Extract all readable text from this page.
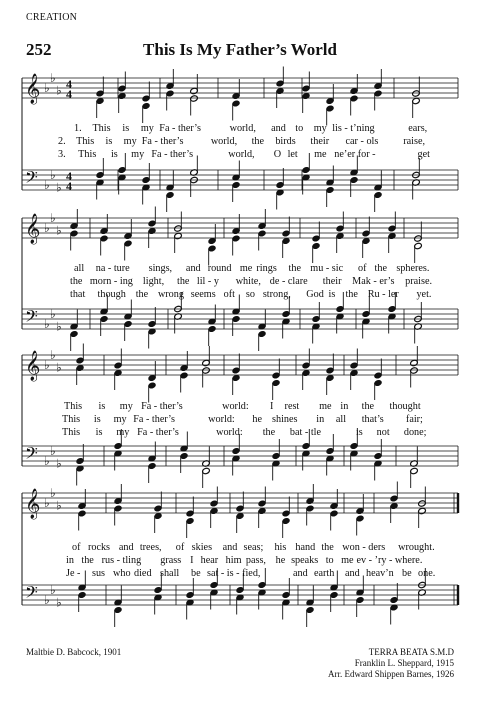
CREATION
252	This Is My Father’s World
1. This is my Fa - ther’s	world, and to my lis - t’ning	ears,
2. This is my Fa - ther’s	world, the birds their car - ols raise,
3. This is my Fa - ther’s	world, O let me ne’er for -	get
𝄞 ♭
♭
♭ 4
4
𝄢 ♭
♭
♭
4
4
all na - ture sings, and round me rings the mu - sic of the spheres.
the morn - ing light, the lil - y white, de - clare their Mak - er’s praise.
that though the wrong seems oft so strong, God is the Ru - ler yet.
𝄞 ♭
♭
♭
𝄢 ♭
♭
♭
This is my Fa - ther’s	world: I rest me in the thought
This is my Fa - ther’s	world: he shines in all that’s fair;
This is my Fa - ther’s	world: the bat - tle	is not done;
𝄞 ♭
♭
♭
𝄢 ♭
♭
♭
of rocks and trees, of skies and seas; his hand the won - ders wrought.
in the rus - tling grass I hear him pass, he speaks to me ev - ’ry - where.
Je - sus who died shall be sat - is - fied,	and earth and heav’n be one.
𝄞 ♭
♭
♭
𝄢 ♭
♭
♭
Maltbie D. Babcock, 1901	TERRA BEATA S.M.D
Franklin L. Sheppard, 1915
Arr. Edward Shippen Barnes, 1926
